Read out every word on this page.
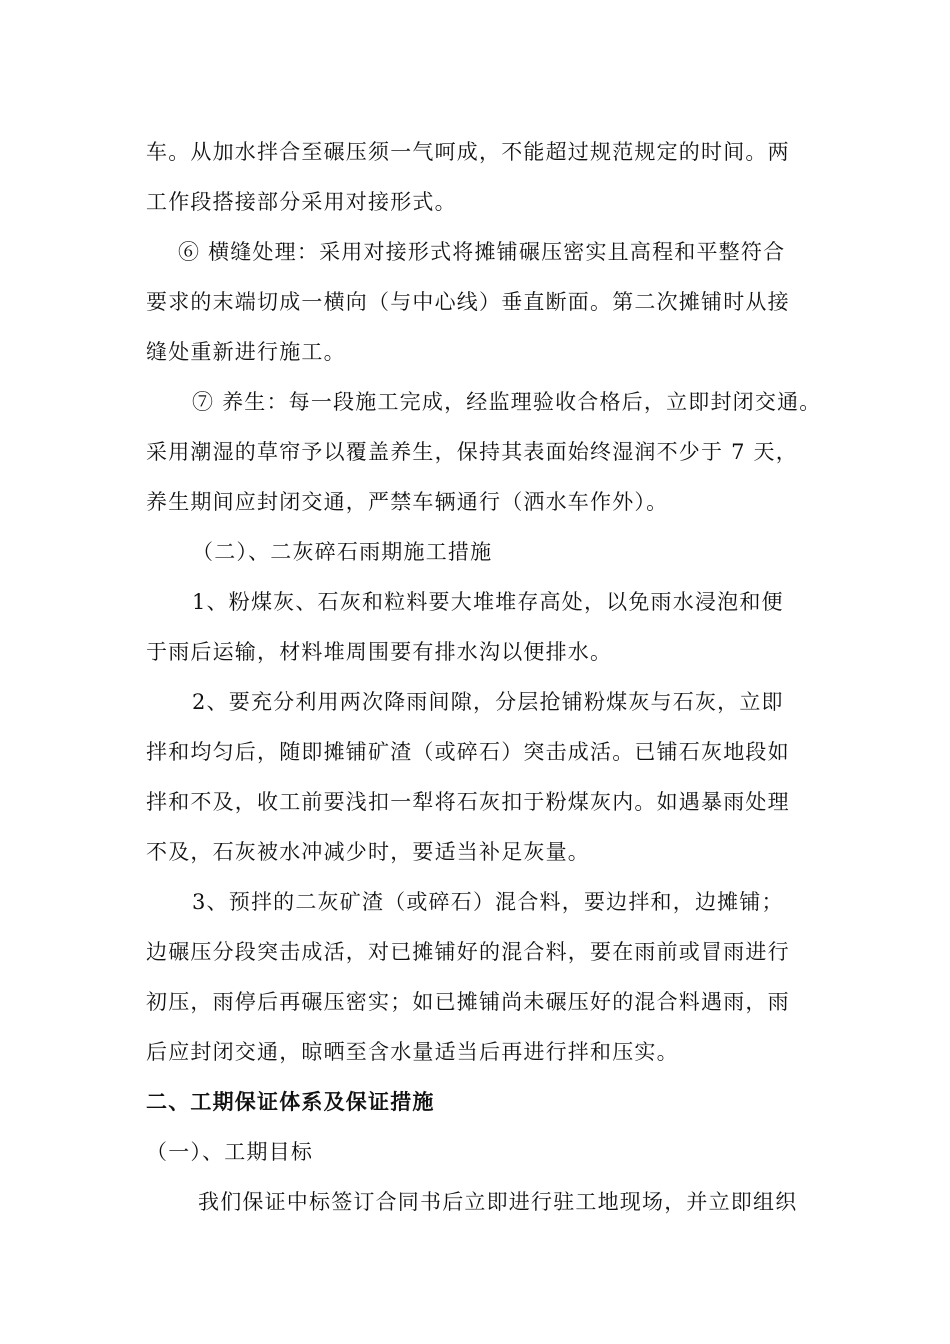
车。从加水拌合至碾压须一气呵成，不能超过规范规定的时间。两
工作段搭接部分采用对接形式。
⑥ 横缝处理：采用对接形式将摊铺碾压密实且高程和平整符合
要求的末端切成一横向（与中心线）垂直断面。第二次摊铺时从接
缝处重新进行施工。
⑦ 养生：每一段施工完成，经监理验收合格后，立即封闭交通。
采用潮湿的草帘予以覆盖养生，保持其表面始终湿润不少于 7 天，
养生期间应封闭交通，严禁车辆通行（洒水车作外）。
（二）、二灰碎石雨期施工措施
1、粉煤灰、石灰和粒料要大堆堆存高处，以免雨水浸泡和便
于雨后运输，材料堆周围要有排水沟以便排水。
2、要充分利用两次降雨间隙，分层抢铺粉煤灰与石灰，立即
拌和均匀后，随即摊铺矿渣（或碎石）突击成活。已铺石灰地段如
拌和不及，收工前要浅扣一犁将石灰扣于粉煤灰内。如遇暴雨处理
不及，石灰被水冲减少时，要适当补足灰量。
3、预拌的二灰矿渣（或碎石）混合料，要边拌和，边摊铺；
边碾压分段突击成活，对已摊铺好的混合料，要在雨前或冒雨进行
初压，雨停后再碾压密实；如已摊铺尚未碾压好的混合料遇雨，雨
后应封闭交通，晾晒至含水量适当后再进行拌和压实。
二、工期保证体系及保证措施
（一）、工期目标
我们保证中标签订合同书后立即进行驻工地现场，并立即组织
